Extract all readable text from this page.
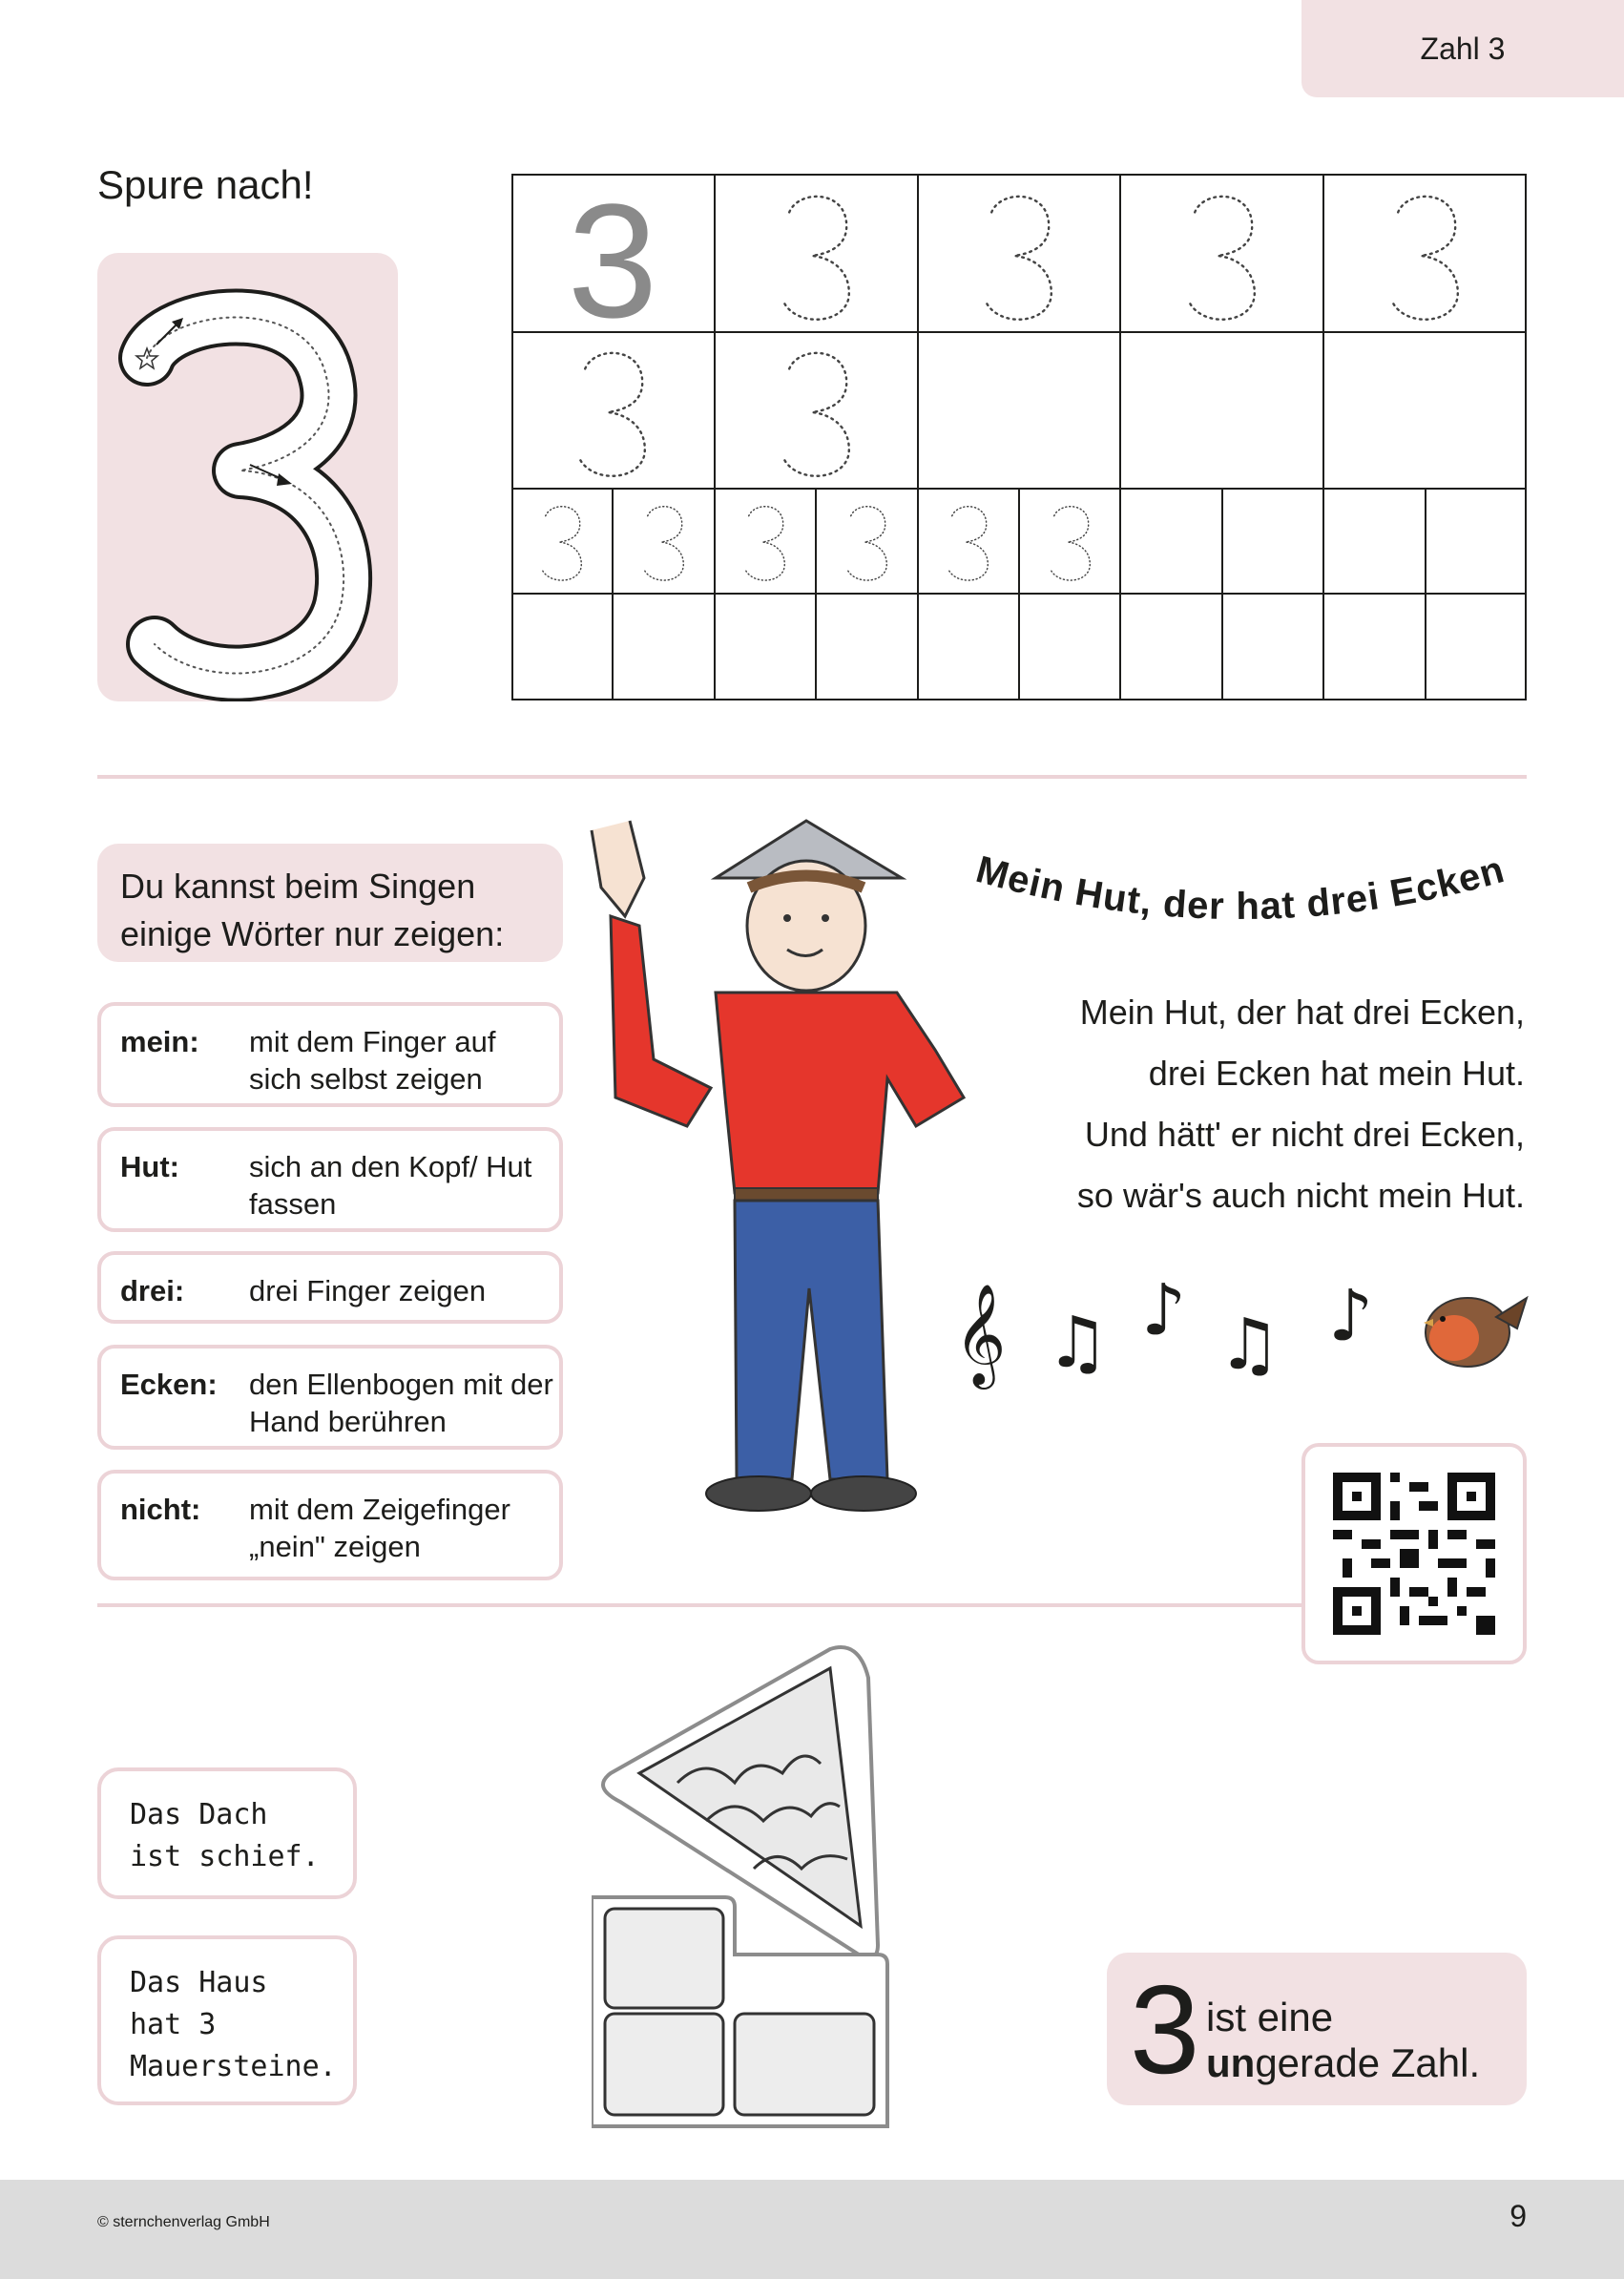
Zahl 3
Spure nach! 3
Du kannst beim Singen einige Wörter nur zeigen:
mein: mit dem Finger auf sich selbst zeigen
Hut: sich an den Kopf/ Hut fassen
drei: drei Finger zeigen
Ecken: den Ellenbogen mit der Hand berühren
nicht: mit dem Zeigefinger „nein" zeigen
Mein Hut, der hat drei Ecken
Mein Hut, der hat drei Ecken,
drei Ecken hat mein Hut.
Und hätt' er nicht drei Ecken,
so wär's auch nicht mein Hut.
𝄞 ♫ ♪ ♫ ♪
Das Dach ist schief.
Das Haus hat 3 Mauersteine.	3 ist eine
ungerade Zahl.
© sternchenverlag GmbH	9
